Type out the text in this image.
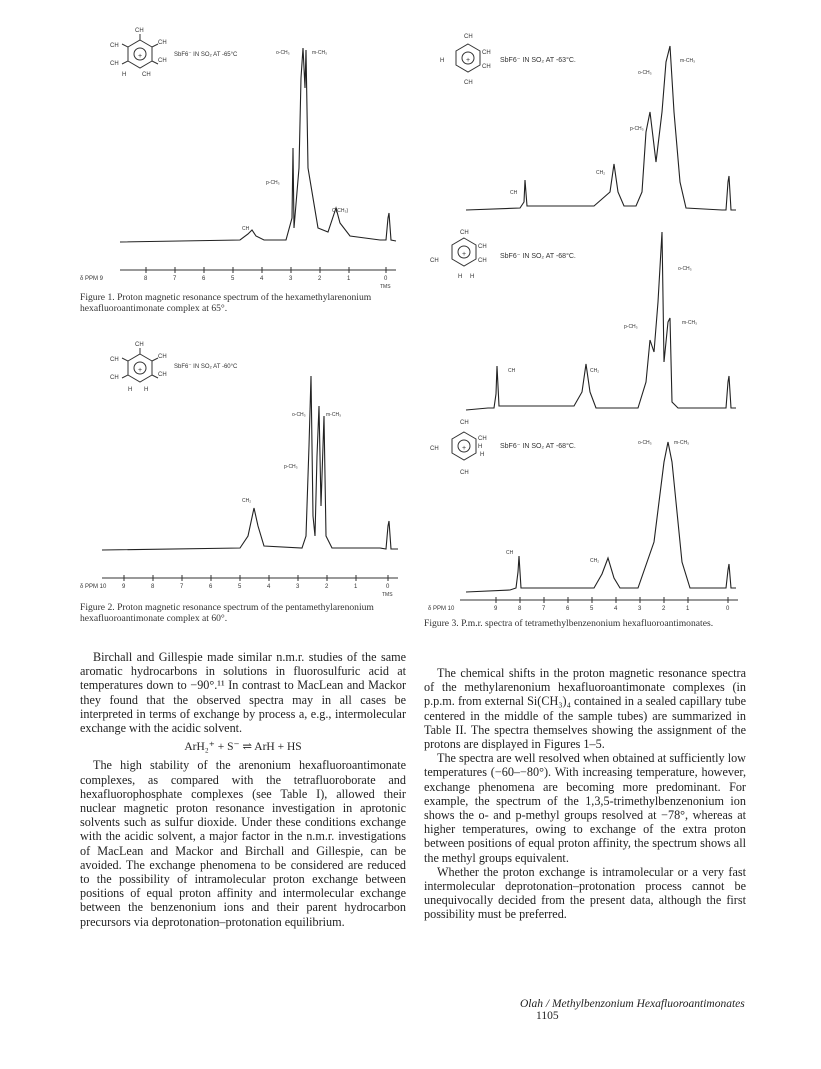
CH
CH
CH
CH
CH
+
H	CH
SbF6⁻ IN SO₂ AT -65°C	o-CH₃	m-CH₃
p-CH₃
CH
C(CH₃)
δ PPM 9	8	7	6	5	4	3	2	1	0
TMS
Figure 1. Proton magnetic resonance spectrum of the hexamethylarenonium hexafluoroantimonate complex at 65°.
CH
CH
CH
CH
CH
+
H H
SbF6⁻ IN SO₂ AT -60°C
o-CH₃	m-CH₃
p-CH₃
CH₂
δ PPM 10	9	8	7	6	5	4	3	2	1	0
TMS
Figure 2. Proton magnetic resonance spectrum of the pentamethylarenonium hexafluoroantimonate complex at 60°.
CH
H
CH
CH
CH
+	SbF6⁻ IN SO₂ AT -63°C.
o-CH₃
m-CH₃
p-CH₃
CH₂
CH
CH
CH
CH
CH
H H
+	SbF6⁻ IN SO₂ AT -68°C.
o-CH₃
m-CH₃
p-CH₃
CH₂
CH
CH
CH
CH
H
H
CH
+	SbF6⁻ IN SO₂ AT -68°C.	o-CH₃	m-CH₃
CH₂
CH
δ PPM 10	9	8	7	6	5	4	3	2	1	0
Figure 3. P.m.r. spectra of tetramethylbenzenonium hexafluoroantimonates.

Birchall and Gillespie made similar n.m.r. studies of the same aromatic hydrocarbons in solutions in fluorosulfuric acid at temperatures down to −90°.¹¹ In contrast to MacLean and Mackor they found that the observed spectra may in all cases be interpreted in terms of exchange by process a, e.g., intermolecular exchange with the acidic solvent.

ArH₂⁺ + S⁻ ⇌ ArH + HS

The high stability of the arenonium hexafluoroantimonate complexes, as compared with the tetrafluoroborate and hexafluorophosphate complexes (see Table I), allowed their nuclear magnetic proton resonance investigation in aprotonic solvents such as sulfur dioxide. Under these conditions exchange with the acidic solvent, a major factor in the n.m.r. investigations of MacLean and Mackor and Birchall and Gillespie, can be avoided. The exchange phenomena to be considered are reduced to the possibility of intramolecular proton exchange between positions of equal proton affinity and intermolecular exchange between the benzenonium ions and their parent hydrocarbon precursors via deprotonation–protonation equilibrium.

The chemical shifts in the proton magnetic resonance spectra of the methylarenonium hexafluoroantimonate complexes (in p.p.m. from external Si(CH₃)₄ contained in a sealed capillary tube centered in the middle of the sample tubes) are summarized in Table II. The spectra themselves showing the assignment of the protons are displayed in Figures 1–5.

The spectra are well resolved when obtained at sufficiently low temperatures (−60–−80°). With increasing temperature, however, exchange phenomena are becoming more predominant. For example, the spectrum of the 1,3,5-trimethylbenzenonium ion shows the o- and p-methyl groups resolved at −78°, whereas at higher temperatures, owing to exchange of the extra proton between positions of equal proton affinity, the spectrum shows all the methyl groups equivalent.

Whether the proton exchange is intramolecular or a very fast intermolecular deprotonation–protonation process cannot be unequivocally decided from the present data, although the first possibility must be preferred.

Olah / Methylbenzonium Hexafluoroantimonates 1105
